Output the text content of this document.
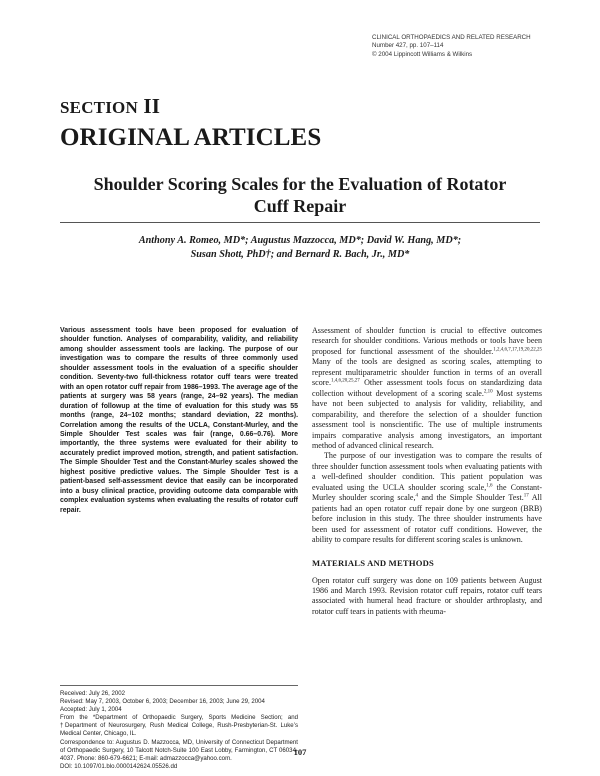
CLINICAL ORTHOPAEDICS AND RELATED RESEARCH
Number 427, pp. 107–114
© 2004 Lippincott Williams & Wilkins
SECTION II
ORIGINAL ARTICLES
Shoulder Scoring Scales for the Evaluation of Rotator
Cuff Repair
Anthony A. Romeo, MD*; Augustus Mazzocca, MD*; David W. Hang, MD*;
Susan Shott, PhD†; and Bernard R. Bach, Jr., MD*

Various assessment tools have been proposed for evaluation of shoulder function. Analyses of comparability, validity, and reliability among shoulder assessment tools are lacking. The purpose of our investigation was to compare the results of three commonly used shoulder assessment tools in the evaluation of a specific shoulder condition. Seventy-two full-thickness rotator cuff tears were treated with an open rotator cuff repair from 1986–1993. The average age of the patients at surgery was 58 years (range, 24–92 years). The median duration of followup at the time of evaluation for this study was 55 months (range, 24–102 months; standard deviation, 22 months). Correlation among the results of the UCLA, Constant-Murley, and the Simple Shoulder Test scales was fair (range, 0.66–0.76). More importantly, the three systems were evaluated for their ability to accurately predict improved motion, strength, and patient satisfaction. The Simple Shoulder Test and the Constant-Murley scales showed the highest positive predictive values. The Simple Shoulder Test is a patient-based self-assessment device that easily can be incorporated into a busy clinical practice, providing outcome data comparable with complex evaluation systems when evaluating the results of rotator cuff repair.

Received: July 26, 2002
Revised: May 7, 2003, October 6, 2003; December 16, 2003; June 29, 2004
Accepted: July 1, 2004
From the *Department of Orthopaedic Surgery, Sports Medicine Section; and †Department of Neurosurgery, Rush Medical College, Rush-Presbyterian-St. Luke’s Medical Center, Chicago, IL.
Correspondence to: Augustus D. Mazzocca, MD, University of Connecticut Department of Orthopaedic Surgery, 10 Talcott Notch-Suite 100 East Lobby, Farmington, CT 06034-4037. Phone: 860-679-6621; E-mail: admazzocca@yahoo.com.
DOI: 10.1097/01.blo.0000142624.05526.dd

Assessment of shoulder function is crucial to effective outcomes research for shoulder conditions. Various methods or tools have been proposed for functional assessment of the shoulder.$^{1,2,4,6,7,17,19,20,22,25}$ Many of the tools are designed as scoring scales, attempting to represent multiparametric shoulder function in terms of an overall score.$^{1,4,6,20,25,27}$ Other assessment tools focus on standardizing data collection without development of a scoring scale.$^{2,10}$ Most systems have not been subjected to analysis for validity, reliability, and comparability, and therefore the selection of a shoulder function assessment tool is nonscientific. The use of multiple instruments impairs comparative analysis among investigators, an important method of advanced clinical research.

The purpose of our investigation was to compare the results of three shoulder function assessment tools when evaluating patients with a well-defined shoulder condition. This patient population was evaluated using the UCLA shoulder scoring scale,$^{1,6}$ the Constant-Murley shoulder scoring scale,$^4$ and the Simple Shoulder Test.$^{17}$ All patients had an open rotator cuff repair done by one surgeon (BRB) before inclusion in this study. The three shoulder instruments have been used for assessment of rotator cuff conditions. However, the ability to compare results for different scoring scales is unknown.

MATERIALS AND METHODS

Open rotator cuff surgery was done on 109 patients between August 1986 and March 1993. Revision rotator cuff repairs, rotator cuff tears associated with humeral head fracture or shoulder arthroplasty, and rotator cuff tears in patients with rheuma-

107
